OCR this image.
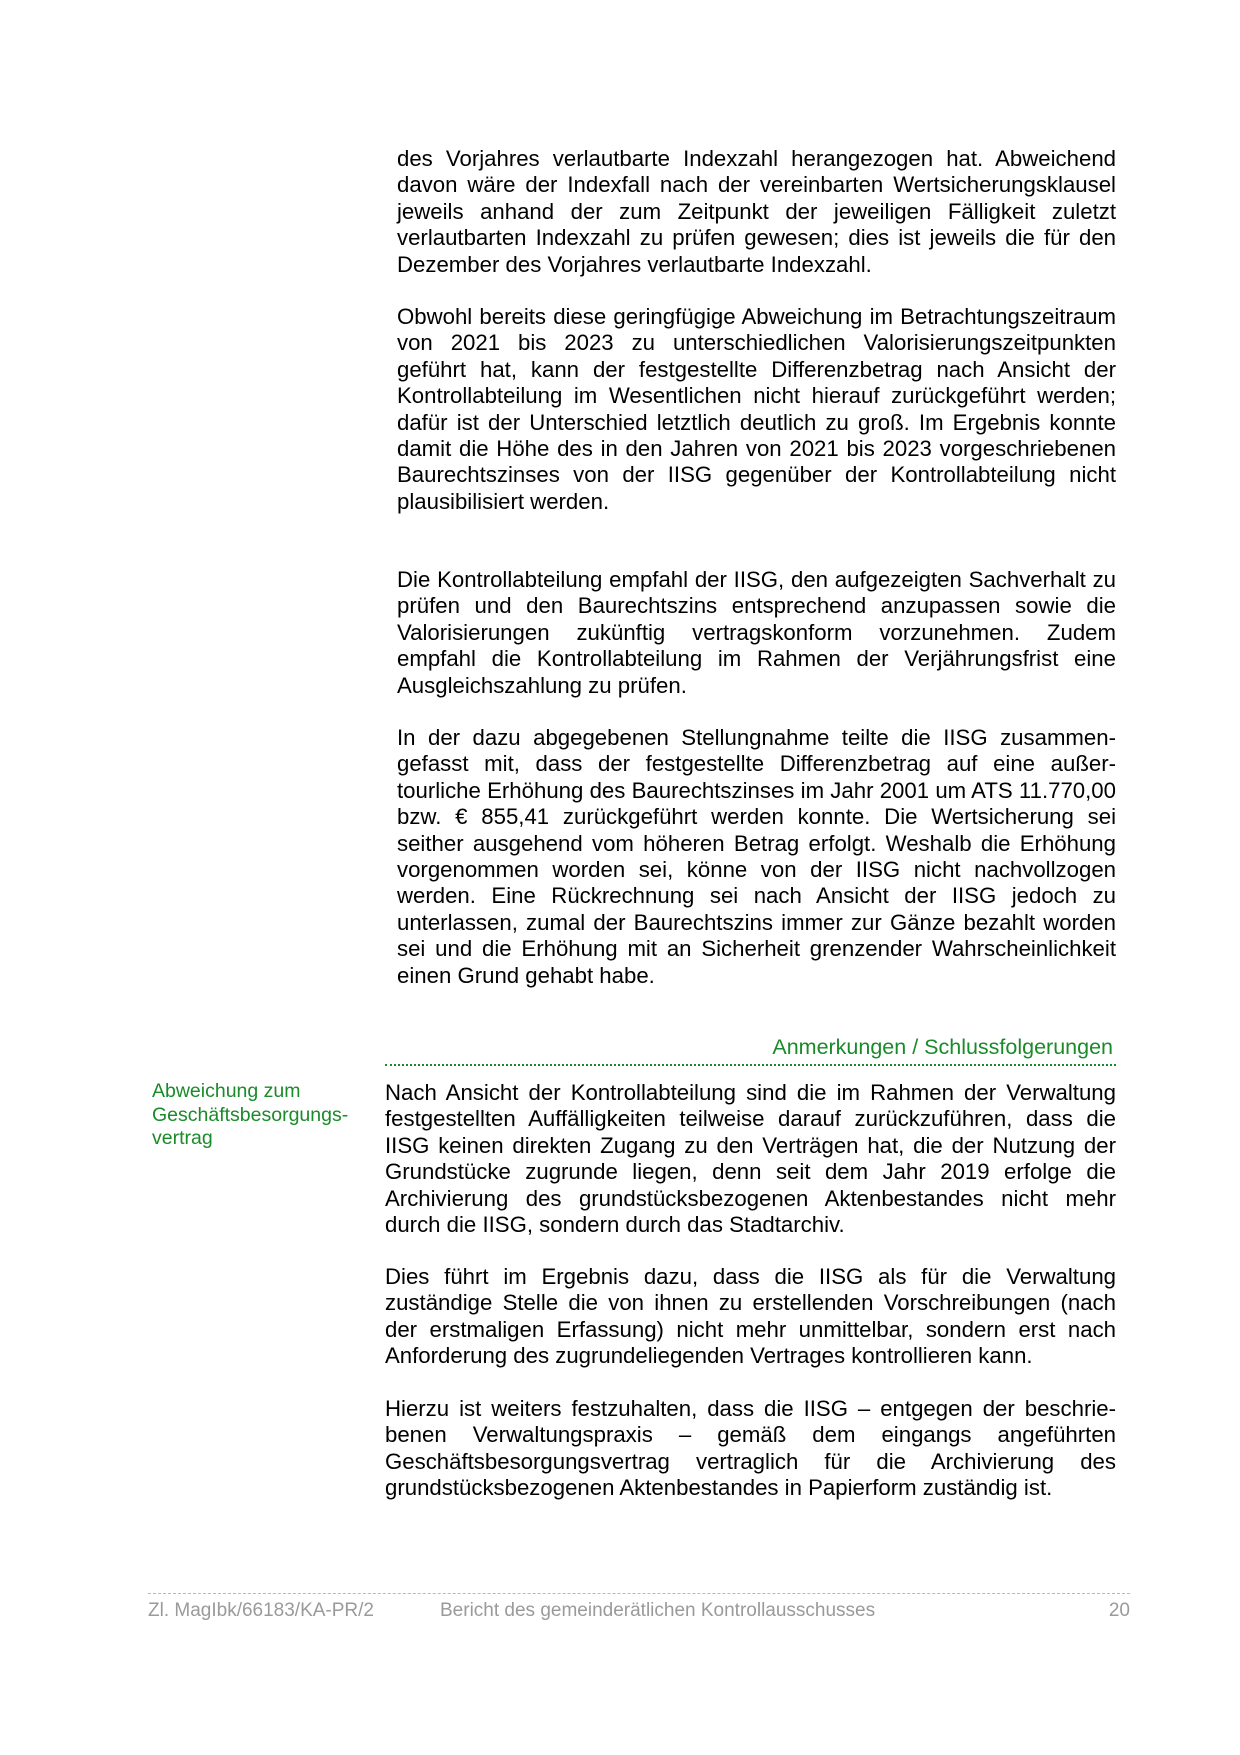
des Vorjahres verlautbarte Indexzahl herangezogen hat. Abweichend davon wäre der Indexfall nach der vereinbarten Wertsicherungsklausel jeweils anhand der zum Zeitpunkt der jeweiligen Fälligkeit zuletzt verlautbarten Indexzahl zu prüfen gewesen; dies ist jeweils die für den Dezember des Vorjahres verlautbarte Indexzahl.

Obwohl bereits diese geringfügige Abweichung im Betrachtungszeitraum von 2021 bis 2023 zu unterschiedlichen Valorisierungszeitpunkten geführt hat, kann der festgestellte Differenzbetrag nach Ansicht der Kontrollabteilung im Wesentlichen nicht hierauf zurückgeführt werden; dafür ist der Unterschied letztlich deutlich zu groß. Im Ergebnis konnte damit die Höhe des in den Jahren von 2021 bis 2023 vorgeschriebenen Baurechtszinses von der IISG gegenüber der Kontrollabteilung nicht plausibilisiert werden.

Die Kontrollabteilung empfahl der IISG, den aufgezeigten Sachverhalt zu prüfen und den Baurechtszins entsprechend anzupassen sowie die Valorisierungen zukünftig vertragskonform vorzunehmen. Zudem empfahl die Kontrollabteilung im Rahmen der Verjährungsfrist eine Ausgleichszahlung zu prüfen.

In der dazu abgegebenen Stellungnahme teilte die IISG zusammengefasst mit, dass der festgestellte Differenzbetrag auf eine außertourliche Erhöhung des Baurechtszinses im Jahr 2001 um ATS 11.770,00 bzw. € 855,41 zurückgeführt werden konnte. Die Wertsicherung sei seither ausgehend vom höheren Betrag erfolgt. Weshalb die Erhöhung vorgenommen worden sei, könne von der IISG nicht nachvollzogen werden. Eine Rückrechnung sei nach Ansicht der IISG jedoch zu unterlassen, zumal der Baurechtszins immer zur Gänze bezahlt worden sei und die Erhöhung mit an Sicherheit grenzender Wahrscheinlichkeit einen Grund gehabt habe.

Anmerkungen / Schlussfolgerungen

Abweichung zum Geschäftsbesorgungs-vertrag

Nach Ansicht der Kontrollabteilung sind die im Rahmen der Verwaltung festgestellten Auffälligkeiten teilweise darauf zurückzuführen, dass die IISG keinen direkten Zugang zu den Verträgen hat, die der Nutzung der Grundstücke zugrunde liegen, denn seit dem Jahr 2019 erfolge die Archivierung des grundstücksbezogenen Aktenbestandes nicht mehr durch die IISG, sondern durch das Stadtarchiv.

Dies führt im Ergebnis dazu, dass die IISG als für die Verwaltung zuständige Stelle die von ihnen zu erstellenden Vorschreibungen (nach der erstmaligen Erfassung) nicht mehr unmittelbar, sondern erst nach Anforderung des zugrundeliegenden Vertrages kontrollieren kann.

Hierzu ist weiters festzuhalten, dass die IISG – entgegen der beschriebenen Verwaltungspraxis – gemäß dem eingangs angeführten Geschäftsbesorgungsvertrag vertraglich für die Archivierung des grundstücksbezogenen Aktenbestandes in Papierform zuständig ist.

Zl. MagIbk/66183/KA-PR/2	Bericht des gemeinderätlichen Kontrollausschusses	20
